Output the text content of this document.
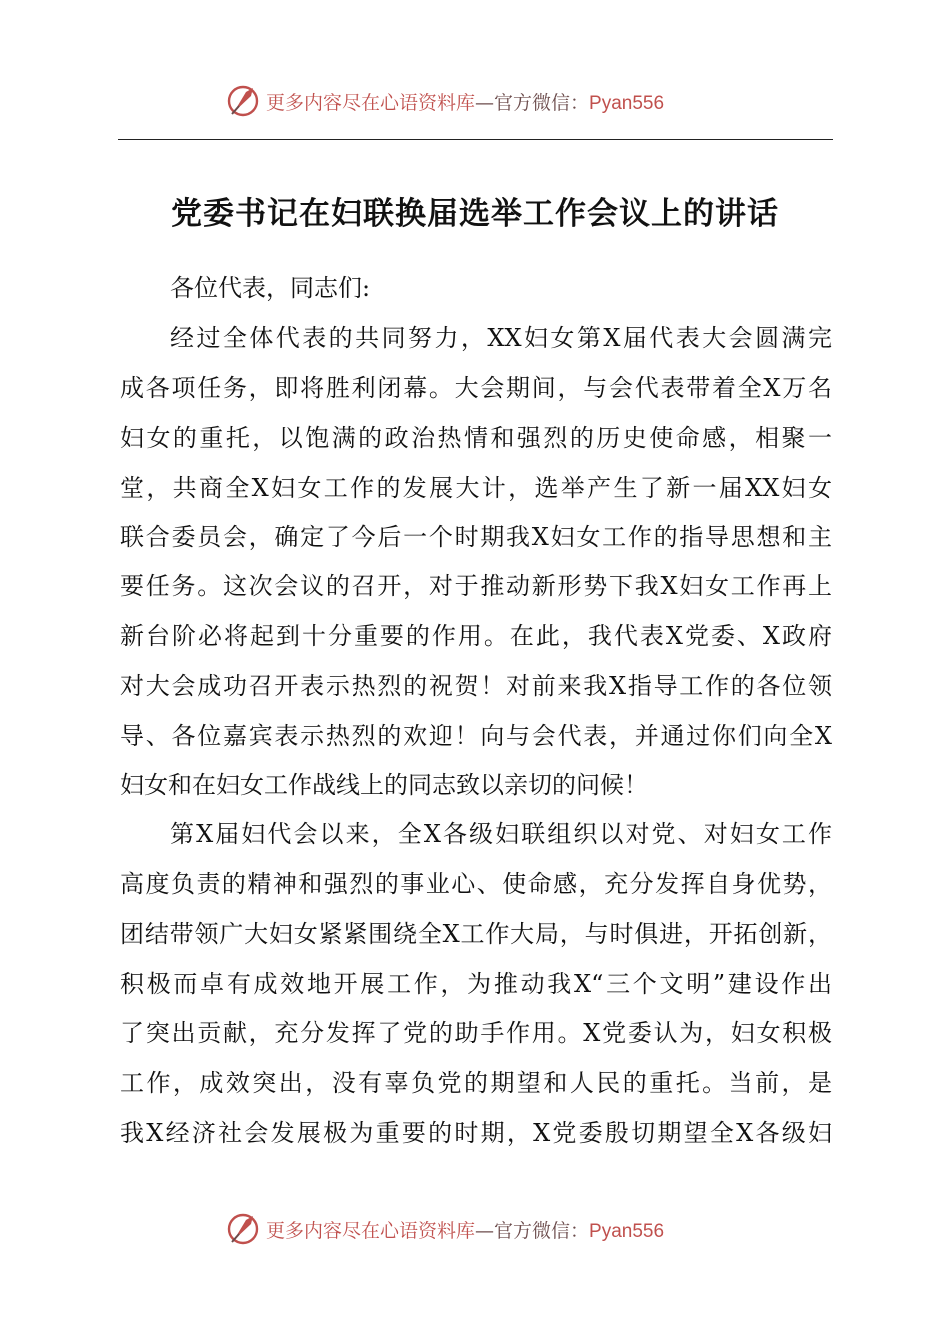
更多内容尽在心语资料库—官方微信：Pyan556
党委书记在妇联换届选举工作会议上的讲话
各位代表，同志们:
经过全体代表的共同努力，XX妇女第X届代表大会圆满完
成各项任务，即将胜利闭幕。大会期间，与会代表带着全X万名
妇女的重托，以饱满的政治热情和强烈的历史使命感，相聚一
堂，共商全X妇女工作的发展大计，选举产生了新一届XX妇女
联合委员会，确定了今后一个时期我X妇女工作的指导思想和主
要任务。这次会议的召开，对于推动新形势下我X妇女工作再上
新台阶必将起到十分重要的作用。在此，我代表X党委、X政府
对大会成功召开表示热烈的祝贺！对前来我X指导工作的各位领
导、各位嘉宾表示热烈的欢迎！向与会代表，并通过你们向全X
妇女和在妇女工作战线上的同志致以亲切的问候！
第X届妇代会以来，全X各级妇联组织以对党、对妇女工作
高度负责的精神和强烈的事业心、使命感，充分发挥自身优势，
团结带领广大妇女紧紧围绕全X工作大局，与时俱进，开拓创新，
积极而卓有成效地开展工作，为推动我X“三个文明”建设作出
了突出贡献，充分发挥了党的助手作用。X党委认为，妇女积极
工作，成效突出，没有辜负党的期望和人民的重托。当前，是
我X经济社会发展极为重要的时期，X党委殷切期望全X各级妇
更多内容尽在心语资料库—官方微信：Pyan556
